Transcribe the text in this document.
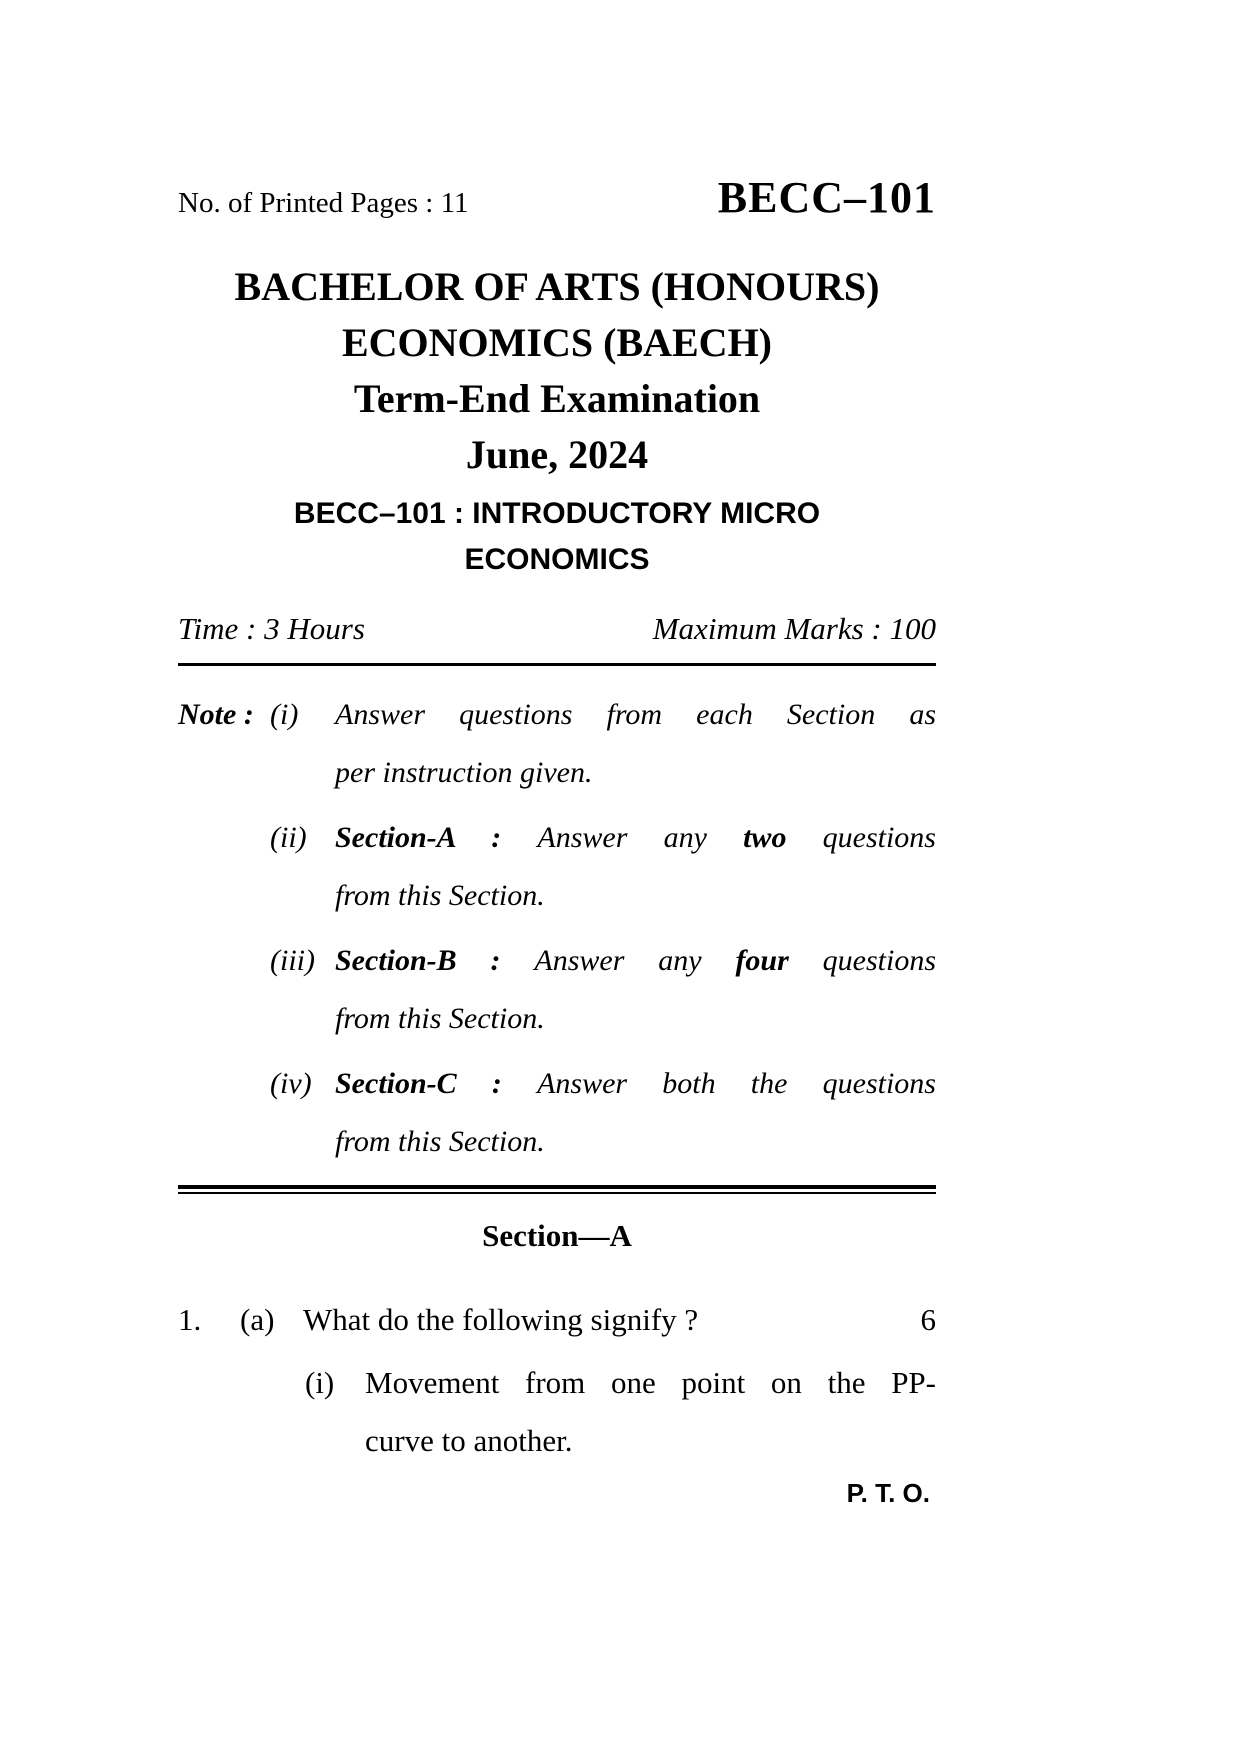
No. of Printed Pages : 11	BECC–101
BACHELOR OF ARTS (HONOURS)
ECONOMICS (BAECH)
Term-End Examination
June, 2024
BECC–101 : INTRODUCTORY MICRO
ECONOMICS
Time : 3 Hours	Maximum Marks : 100
Note : (i)	Answer questions from each Section as
per instruction given.
(ii) Section-A : Answer any two questions
from this Section.
(iii) Section-B : Answer any four questions
from this Section.
(iv) Section-C : Answer both the questions
from this Section.
Section—A
1.	(a) What do the following signify ?	6
(i) Movement from one point on the PP-
curve to another.
P. T. O.
